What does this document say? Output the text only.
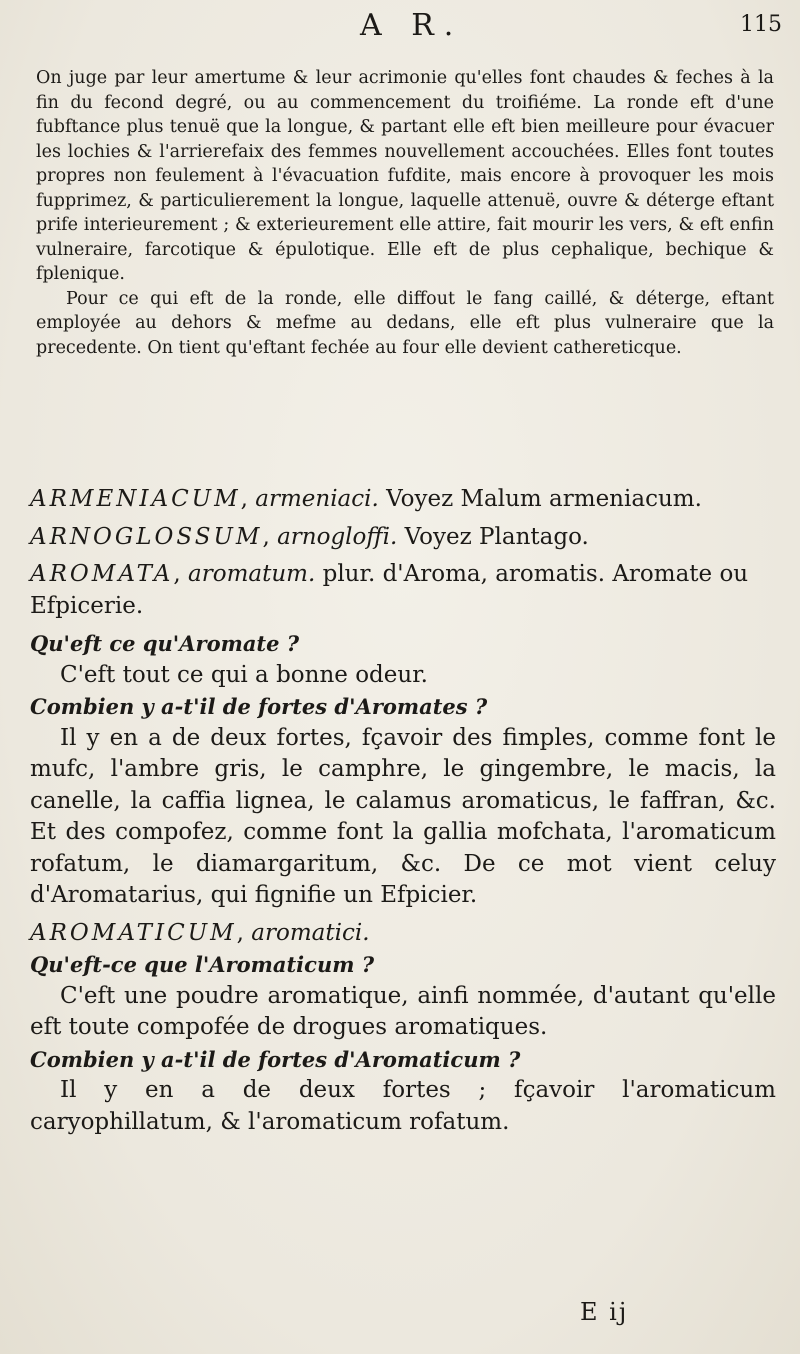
A R.	115

On juge par leur amertume & leur acrimonie qu'elles font chaudes & feches à la fin du fecond degré, ou au commencement du troifiéme. La ronde eft d'une fubftance plus tenuë que la longue, & partant elle eft bien meilleure pour évacuer les lochies & l'arrierefaix des femmes nouvellement accouchées. Elles font toutes propres non feulement à l'évacuation fufdite, mais encore à provoquer les mois fupprimez, & particulierement la longue, laquelle attenuë, ouvre & déterge eftant prife interieurement ; & exterieurement elle attire, fait mourir les vers, & eft enfin vulneraire, farcotique & épulotique. Elle eft de plus cephalique, bechique & fplenique.

Pour ce qui eft de la ronde, elle diffout le fang caillé, & déterge, eftant employée au dehors & mefme au dedans, elle eft plus vulneraire que la precedente. On tient qu'eftant fechée au four elle devient cathereticque.

ARMENIACUM, armeniaci. Voyez Malum armeniacum.

ARNOGLOSSUM, arnogloffi. Voyez Plantago.

AROMATA, aromatum. plur. d'Aroma, aromatis. Aromate ou Efpicerie.

Qu'eft ce qu'Aromate ?

C'eft tout ce qui a bonne odeur.

Combien y a-t'il de fortes d'Aromates ?

Il y en a de deux fortes, fçavoir des fimples, comme font le mufc, l'ambre gris, le camphre, le gingembre, le macis, la canelle, la caffia lignea, le calamus aromaticus, le faffran, &c. Et des compofez, comme font la gallia mofchata, l'aromaticum rofatum, le diamargaritum, &c. De ce mot vient celuy d'Aromatarius, qui fignifie un Efpicier.

AROMATICUM, aromatici.

Qu'eft-ce que l'Aromaticum ?

C'eft une poudre aromatique, ainfi nommée, d'autant qu'elle eft toute compofée de drogues aromatiques.

Combien y a-t'il de fortes d'Aromaticum ?

Il y en a de deux fortes ; fçavoir l'aromaticum caryophillatum, & l'aromaticum rofatum.

E ij
